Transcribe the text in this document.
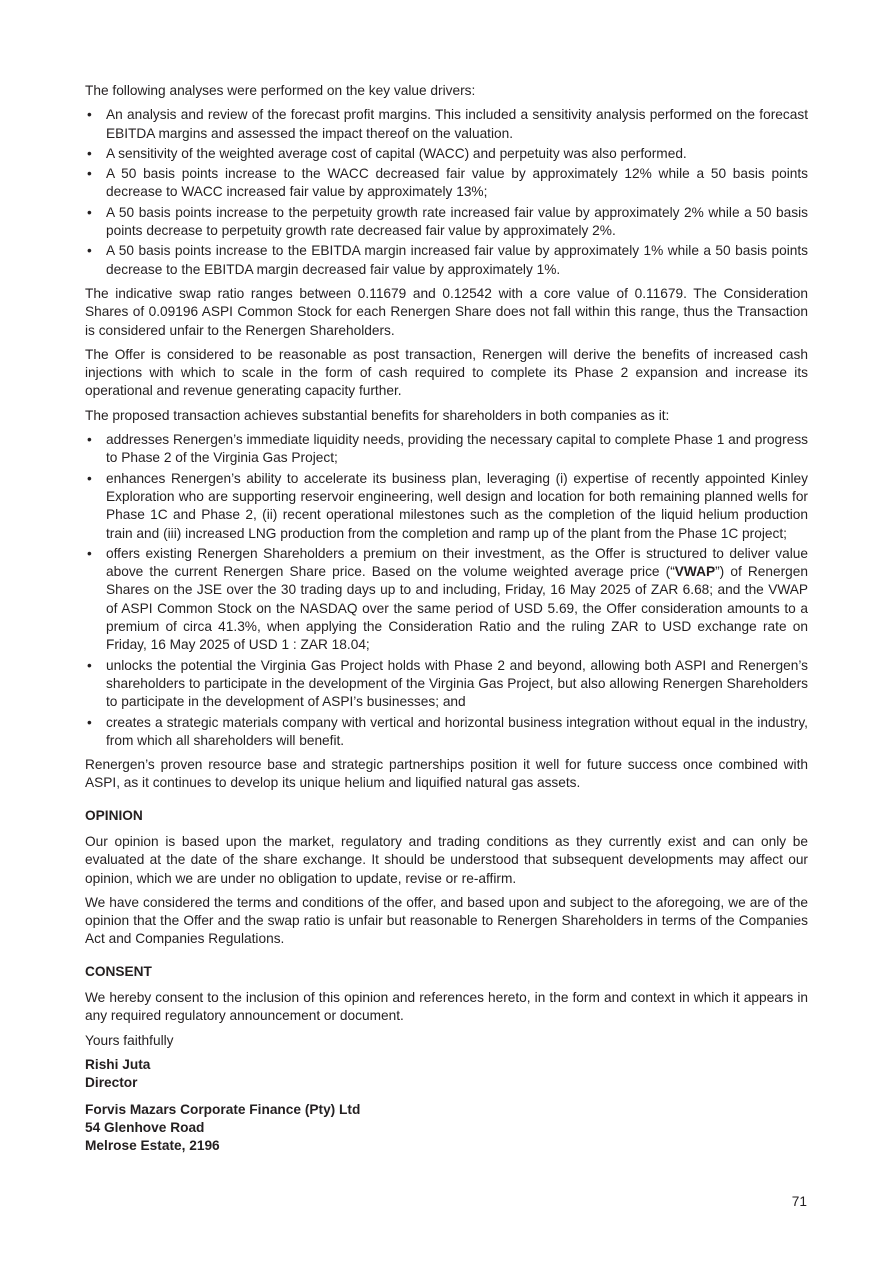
The following analyses were performed on the key value drivers:

• An analysis and review of the forecast profit margins. This included a sensitivity analysis performed on the forecast EBITDA margins and assessed the impact thereof on the valuation.
• A sensitivity of the weighted average cost of capital (WACC) and perpetuity was also performed.
• A 50 basis points increase to the WACC decreased fair value by approximately 12% while a 50 basis points decrease to WACC increased fair value by approximately 13%;
• A 50 basis points increase to the perpetuity growth rate increased fair value by approximately 2% while a 50 basis points decrease to perpetuity growth rate decreased fair value by approximately 2%.
• A 50 basis points increase to the EBITDA margin increased fair value by approximately 1% while a 50 basis points decrease to the EBITDA margin decreased fair value by approximately 1%.

The indicative swap ratio ranges between 0.11679 and 0.12542 with a core value of 0.11679. The Consideration Shares of 0.09196 ASPI Common Stock for each Renergen Share does not fall within this range, thus the Transaction is considered unfair to the Renergen Shareholders.

The Offer is considered to be reasonable as post transaction, Renergen will derive the benefits of increased cash injections with which to scale in the form of cash required to complete its Phase 2 expansion and increase its operational and revenue generating capacity further.

The proposed transaction achieves substantial benefits for shareholders in both companies as it:

• addresses Renergen’s immediate liquidity needs, providing the necessary capital to complete Phase 1 and progress to Phase 2 of the Virginia Gas Project;
• enhances Renergen’s ability to accelerate its business plan, leveraging (i) expertise of recently appointed Kinley Exploration who are supporting reservoir engineering, well design and location for both remaining planned wells for Phase 1C and Phase 2, (ii) recent operational milestones such as the completion of the liquid helium production train and (iii) increased LNG production from the completion and ramp up of the plant from the Phase 1C project;
• offers existing Renergen Shareholders a premium on their investment, as the Offer is structured to deliver value above the current Renergen Share price. Based on the volume weighted average price (“VWAP”) of Renergen Shares on the JSE over the 30 trading days up to and including, Friday, 16 May 2025 of ZAR 6.68; and the VWAP of ASPI Common Stock on the NASDAQ over the same period of USD 5.69, the Offer consideration amounts to a premium of circa 41.3%, when applying the Consideration Ratio and the ruling ZAR to USD exchange rate on Friday, 16 May 2025 of USD 1 : ZAR 18.04;
• unlocks the potential the Virginia Gas Project holds with Phase 2 and beyond, allowing both ASPI and Renergen’s shareholders to participate in the development of the Virginia Gas Project, but also allowing Renergen Shareholders to participate in the development of ASPI’s businesses; and
• creates a strategic materials company with vertical and horizontal business integration without equal in the industry, from which all shareholders will benefit.

Renergen’s proven resource base and strategic partnerships position it well for future success once combined with ASPI, as it continues to develop its unique helium and liquified natural gas assets.

OPINION

Our opinion is based upon the market, regulatory and trading conditions as they currently exist and can only be evaluated at the date of the share exchange. It should be understood that subsequent developments may affect our opinion, which we are under no obligation to update, revise or re-affirm.

We have considered the terms and conditions of the offer, and based upon and subject to the aforegoing, we are of the opinion that the Offer and the swap ratio is unfair but reasonable to Renergen Shareholders in terms of the Companies Act and Companies Regulations.

CONSENT

We hereby consent to the inclusion of this opinion and references hereto, in the form and context in which it appears in any required regulatory announcement or document.

Yours faithfully

Rishi Juta
Director
Forvis Mazars Corporate Finance (Pty) Ltd
54 Glenhove Road
Melrose Estate, 2196
71
